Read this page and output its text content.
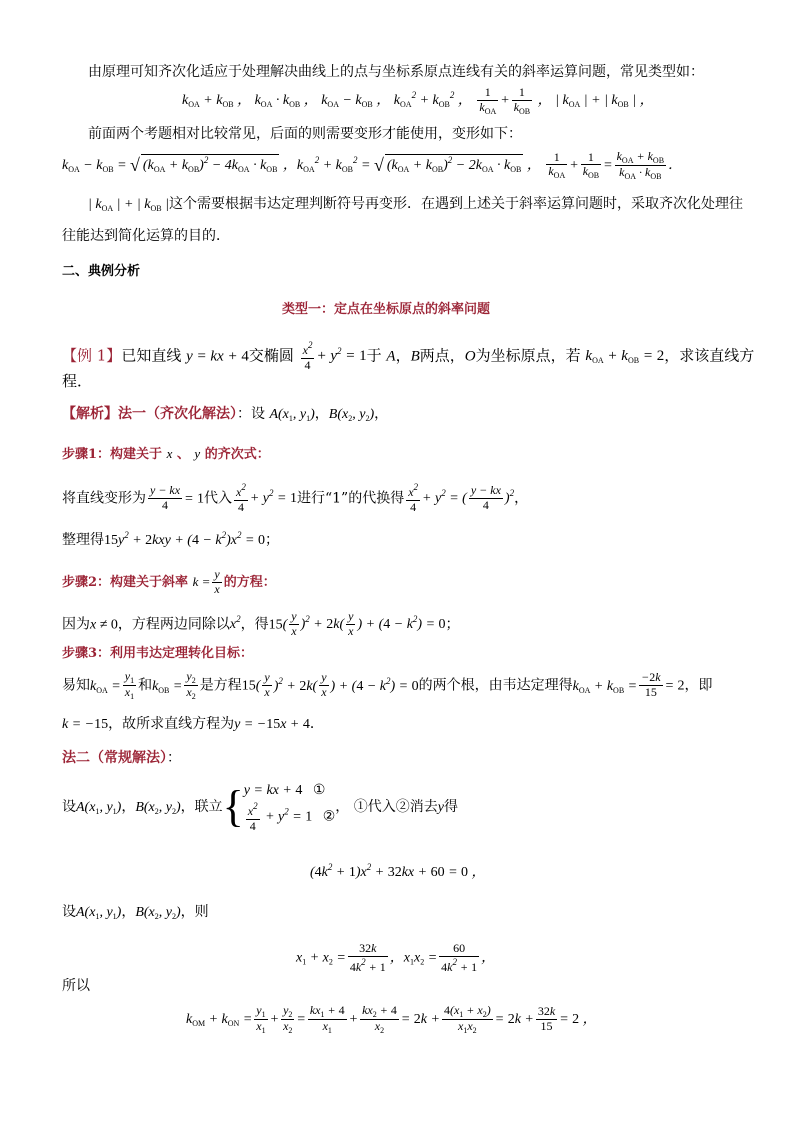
由原理可知齐次化适应于处理解决曲线上的点与坐标系原点连线有关的斜率运算问题，常见类型如：
$k_{OA} + k_{OB}$ ， $k_{OA} \cdot k_{OB}$ ， $k_{OA} - k_{OB}$ ， $k_{OA}^2 + k_{OB}^2$ ， $\frac{1}{k_{OA}} + \frac{1}{k_{OB}}$ ， | $k_{OA}$ | + | $k_{OB}$ | ，
前面两个考题相对比较常见，后面的则需要变形才能使用，变形如下：
$k_{OA} - k_{OB}$ = √ $(k_{OA} + k_{OB})^2 - 4k_{OA} \cdot k_{OB}$ ，$k_{OA}^2 + k_{OB}^2$ = √ $(k_{OA} + k_{OB})^2 - 2k_{OA} \cdot k_{OB}$ ， $\frac{1}{k_{OA}} + \frac{1}{k_{OB}} = \frac{k_{OA} + k_{OB}}{k_{OA} \cdot k_{OB}}$ ．
| $k_{OA}$ | + | $k_{OB}$ |这个需要根据韦达定理判断符号再变形．在遇到上述关于斜率运算问题时，采取齐次化处理往
往能达到简化运算的目的．
二、典例分析
类型一：定点在坐标原点的斜率问题
【例 1】已知直线 y = kx + 4交椭圆 $\frac{x^2}{4} + y^2 = 1$于 A，B两点，O为坐标原点，若 $k_{OA} + k_{OB} = 2$，求该直线方
程．
【解析】法一（齐次化解法）：设 $A(x_1$, $y_1$)，$B(x_2$, $y_2$)，
步骤1：构建关于 x 、 y 的齐次式：
将直线变形为 $\frac{y - kx}{4} = 1$代入 $\frac{x^2}{4} + y^2 = 1$进行“1”的代换得 $\frac{x^2}{4} + y^2$ = ( $\frac{y - kx}{4} )^2$，
整理得$15y^2 + 2kxy + (4 - k^2)x^2 = 0$；
步骤2：构建关于斜率 $k = \frac{y}{x}$ 的方程：
因为x ≠ 0，方程两边同除以$x^2$，得$15( \frac{y}{x} )^2 + 2k( \frac{y}{x}$ ) + $(4 - k^2) = 0$；
步骤3：利用韦达定理转化目标：
易知$k_{OA} = \frac{y_1}{x_1}$ 和$k_{OB} = \frac{y_2}{x_2}$ 是方程$15( \frac{y}{x} )^2 + 2k( \frac{y}{x}$ ) + $(4 - k^2) = 0$的两个根，由韦达定理得$k_{OA} + k_{OB} = \frac{-2k}{15} = 2$，即
k = −15，故所求直线方程为y = −15x + 4．
法二（常规解法）：
设$A(x_1$, $y_1$)，$B(x_2$, $y_2$)，联立{ y = kx + 4 ①
$\frac{x^2}{4} + y^2 = 1$ ②
， ①代入②消去y得
$(4k^2 + 1)x^2 + 32kx + 60 = 0$ ，
设$A(x_1$, $y_1$)，$B(x_2$, $y_2$)，则
$x_1 + x_2 = \frac{32k}{4k^2 + 1}$ ，$x_1x_2 = \frac{60}{4k^2 + 1}$ ，
所以
$k_{OM} + k_{ON} = \frac{y_1}{x_1} + \frac{y_2}{x_2} = \frac{kx_1 + 4}{x_1} + \frac{kx_2 + 4}{x_2} = 2k + \frac{4(x_1 + x_2)}{x_1x_2} = 2k + \frac{32k}{15} = 2$ ，
